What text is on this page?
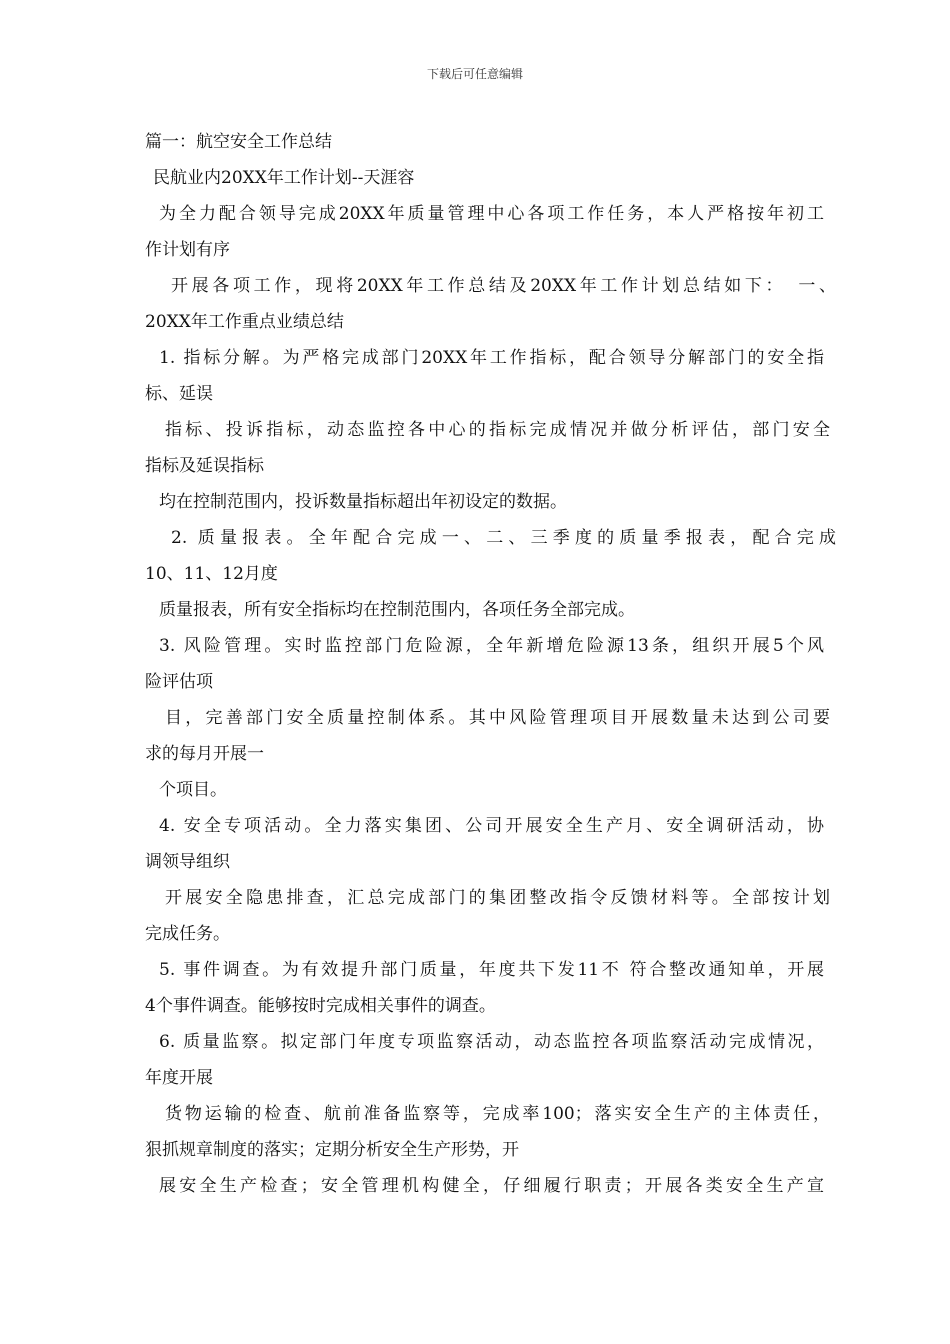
下载后可任意编辑
篇一：航空安全工作总结
民航业内20XX年工作计划--天涯容
为全力配合领导完成20XX年质量管理中心各项工作任务，本人严格按年初工
作计划有序
开展各项工作，现将20XX年工作总结及20XX年工作计划总结如下：　一、
20XX年工作重点业绩总结
1. 指标分解。为严格完成部门20XX年工作指标，配合领导分解部门的安全指
标、延误
指标、投诉指标，动态监控各中心的指标完成情况并做分析评估，部门安全
指标及延误指标
均在控制范围内，投诉数量指标超出年初设定的数据。
2. 质量报表。全年配合完成一、二、三季度的质量季报表，配合完成
10、11、12月度
质量报表，所有安全指标均在控制范围内，各项任务全部完成。
3. 风险管理。实时监控部门危险源，全年新增危险源13条，组织开展5个风
险评估项
目，完善部门安全质量控制体系。其中风险管理项目开展数量未达到公司要
求的每月开展一
个项目。
4. 安全专项活动。全力落实集团、公司开展安全生产月、安全调研活动，协
调领导组织
开展安全隐患排查，汇总完成部门的集团整改指令反馈材料等。全部按计划
完成任务。
5. 事件调查。为有效提升部门质量，年度共下发11不 符合整改通知单，开展
4个事件调查。能够按时完成相关事件的调查。
6. 质量监察。拟定部门年度专项监察活动，动态监控各项监察活动完成情况，
年度开展
货物运输的检查、航前准备监察等，完成率100；落实安全生产的主体责任，
狠抓规章制度的落实；定期分析安全生产形势，开
展安全生产检查；安全管理机构健全，仔细履行职责；开展各类安全生产宣
